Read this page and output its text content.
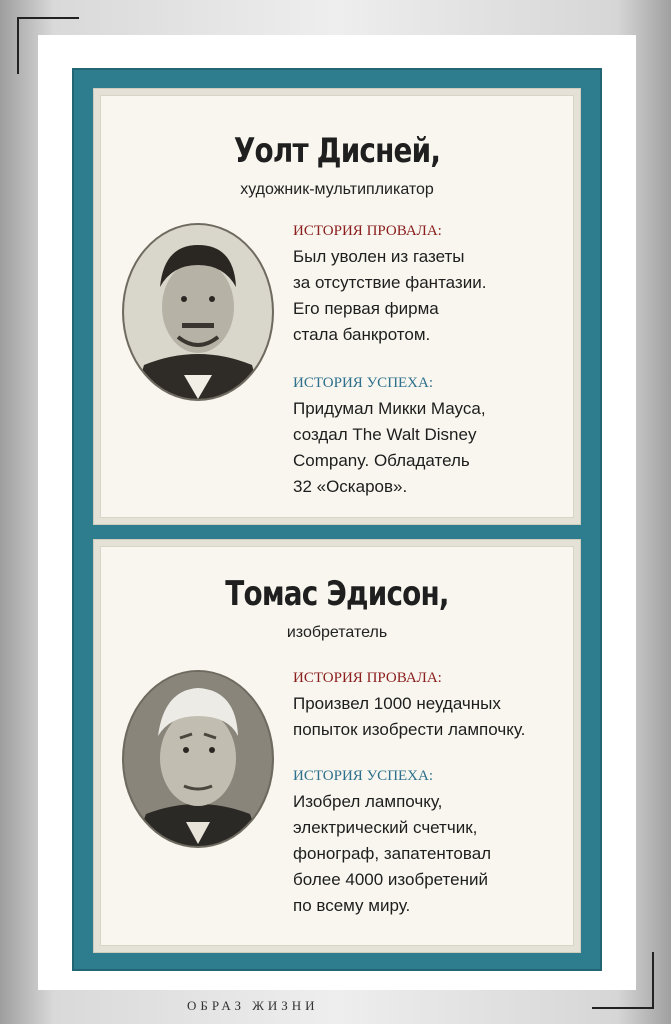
Уолт Дисней,
художник-мультипликатор
ИСТОРИЯ ПРОВАЛА:
Был уволен из газеты
за отсутствие фантазии.
Его первая фирма
стала банкротом.
ИСТОРИЯ УСПЕХА:
Придумал Микки Мауса,
создал The Walt Disney
Company. Обладатель
32 «Оскаров».
Томас Эдисон,
изобретатель
ИСТОРИЯ ПРОВАЛА:
Произвел 1000 неудачных
попыток изобрести лампочку.
ИСТОРИЯ УСПЕХА:
Изобрел лампочку,
электрический счетчик,
фонограф, запатентовал
более 4000 изобретений
по всему миру.
ОБРАЗ ЖИЗНИ
